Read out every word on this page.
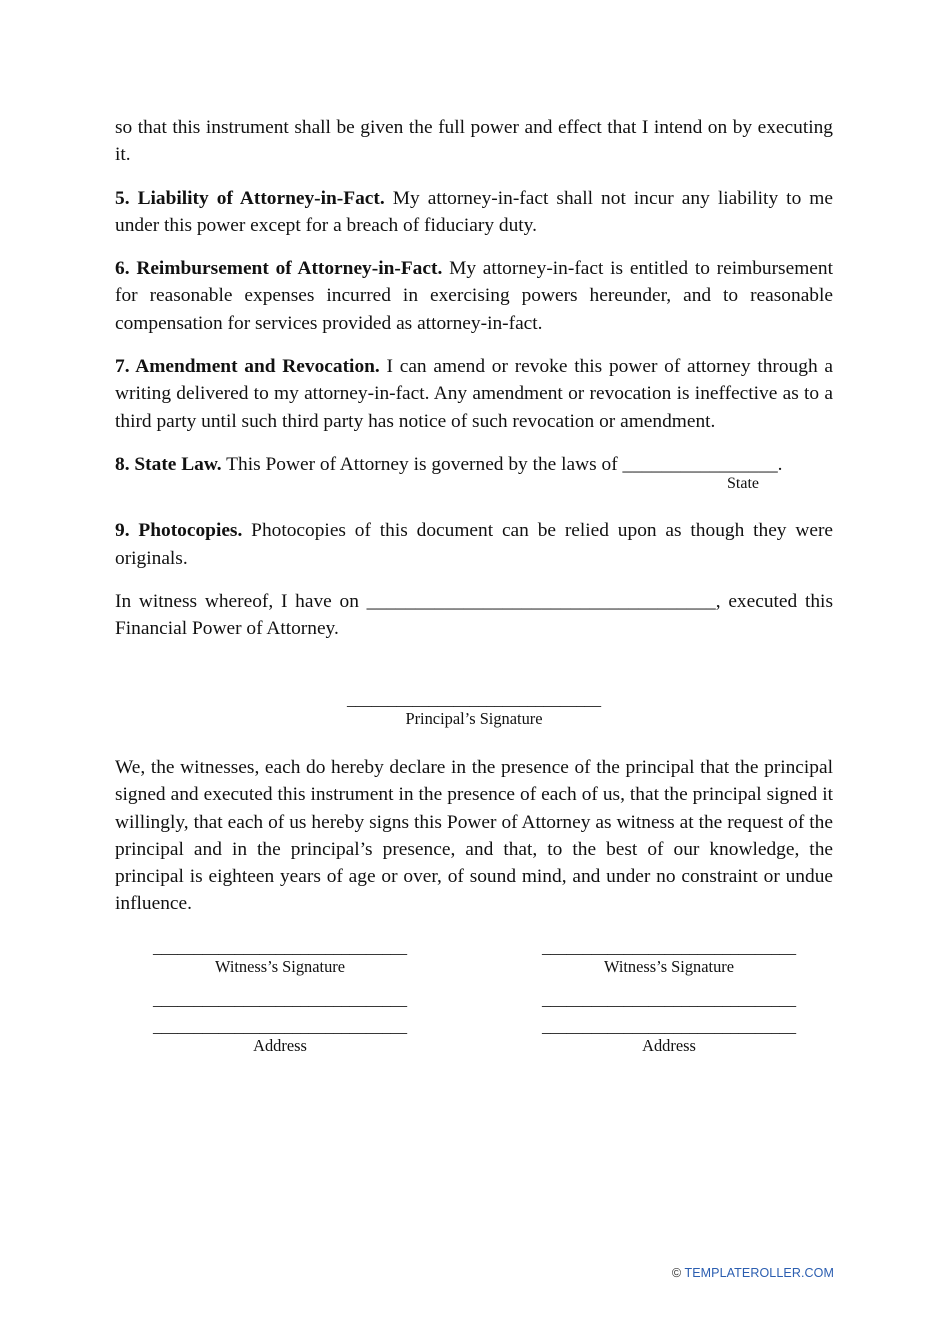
so that this instrument shall be given the full power and effect that I intend on by executing it.

5. Liability of Attorney-in-Fact. My attorney-in-fact shall not incur any liability to me under this power except for a breach of fiduciary duty.

6. Reimbursement of Attorney-in-Fact. My attorney-in-fact is entitled to reimbursement for reasonable expenses incurred in exercising powers hereunder, and to reasonable compensation for services provided as attorney-in-fact.

7. Amendment and Revocation. I can amend or revoke this power of attorney through a writing delivered to my attorney-in-fact. Any amendment or revocation is ineffective as to a third party until such third party has notice of such revocation or amendment.

8. State Law. This Power of Attorney is governed by the laws of ________________.

State

9. Photocopies. Photocopies of this document can be relied upon as though they were originals.

In witness whereof, I have on ____________________________________, executed this Financial Power of Attorney.

_______________________________
Principal’s Signature

We, the witnesses, each do hereby declare in the presence of the principal that the principal signed and executed this instrument in the presence of each of us, that the principal signed it willingly, that each of us hereby signs this Power of Attorney as witness at the request of the principal and in the principal’s presence, and that, to the best of our knowledge, the principal is eighteen years of age or over, of sound mind, and under no constraint or undue influence.

_______________________________
Witness’s Signature
_______________________________
Witness’s Signature
_______________________________
_______________________________
Address
_______________________________
_______________________________
Address
© TEMPLATEROLLER.COM
